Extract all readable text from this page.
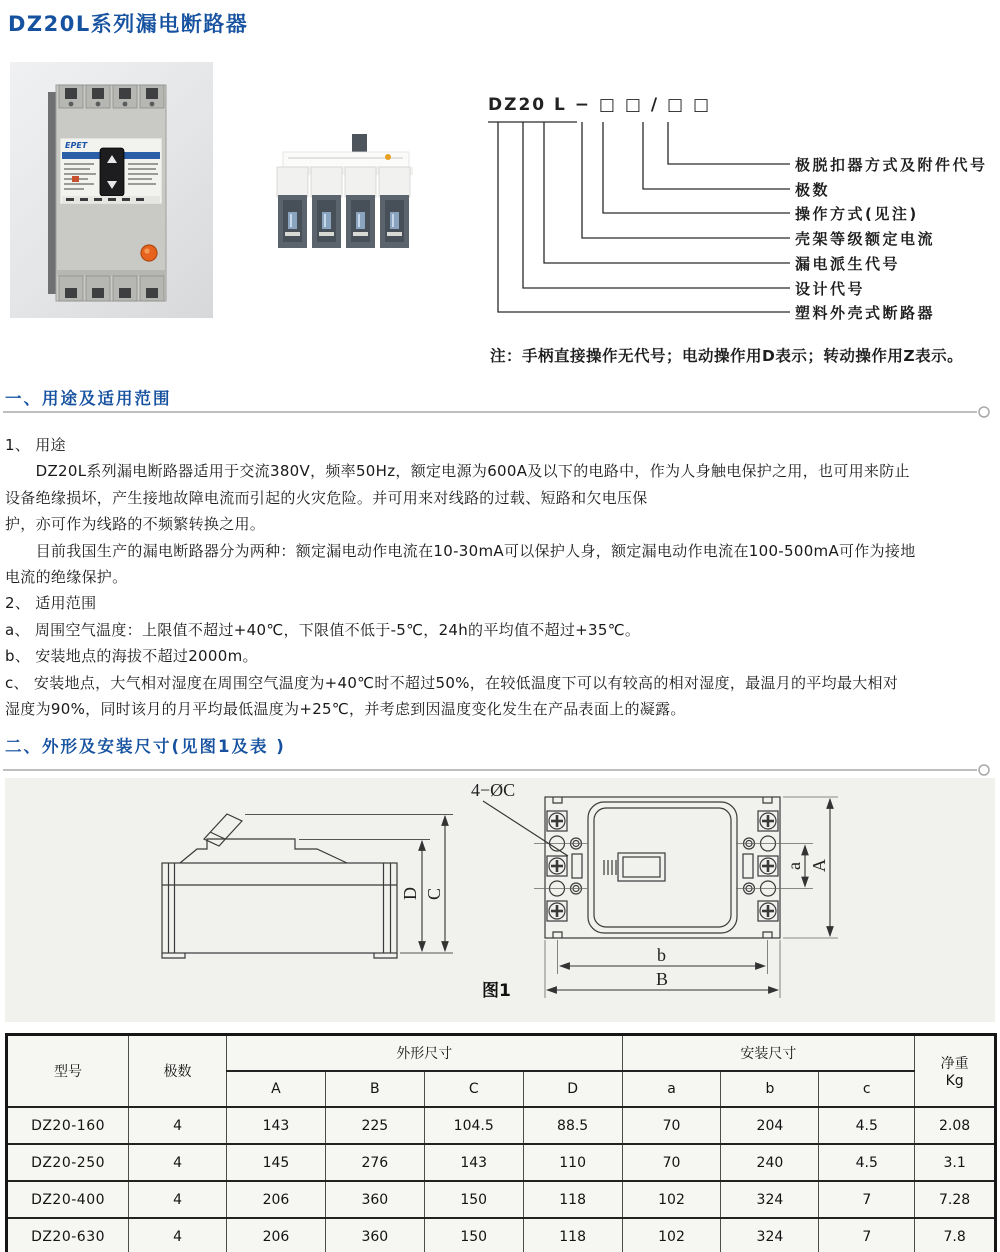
DZ20L系列漏电断路器
EPET
DZ20 L − □ □ / □ □
极脱扣器方式及附件代号
极数
操作方式(见注)
壳架等级额定电流
漏电派生代号
设计代号
塑料外壳式断路器
注：手柄直接操作无代号；电动操作用D表示；转动操作用Z表示。
一、用途及适用范围

1、 用途

　　DZ20L系列漏电断路器适用于交流380V，频率50Hz，额定电源为600A及以下的电路中，作为人身触电保护之用，也可用来防止

设备绝缘损坏，产生接地故障电流而引起的火灾危险。并可用来对线路的过载、短路和欠电压保

护，亦可作为线路的不频繁转换之用。

　　目前我国生产的漏电断路器分为两种：额定漏电动作电流在10-30mA可以保护人身，额定漏电动作电流在100-500mA可作为接地

电流的绝缘保护。

2、 适用范围

a、 周围空气温度：上限值不超过+40℃，下限值不低于-5℃，24h的平均值不超过+35℃。

b、 安装地点的海拔不超过2000m。

c、 安装地点，大气相对湿度在周围空气温度为+40℃时不超过50%，在较低温度下可以有较高的相对湿度，最温月的平均最大相对

湿度为90%，同时该月的月平均最低温度为+25℃，并考虑到因温度变化发生在产品表面上的凝露。

二、外形及安装尺寸(见图1及表 )
D C
a A
b
B
4−ØC
图1
型号	极数	外形尺寸				安装尺寸			净重
Kg

		A	B	C	D	a	b	c	
DZ20-160	4	143	225	104.5	88.5	70	204	4.5	2.08
DZ20-250	4	145	276	143	110	70	240	4.5	3.1
DZ20-400	4	206	360	150	118	102	324	7	7.28
DZ20-630	4	206	360	150	118	102	324	7	7.8
